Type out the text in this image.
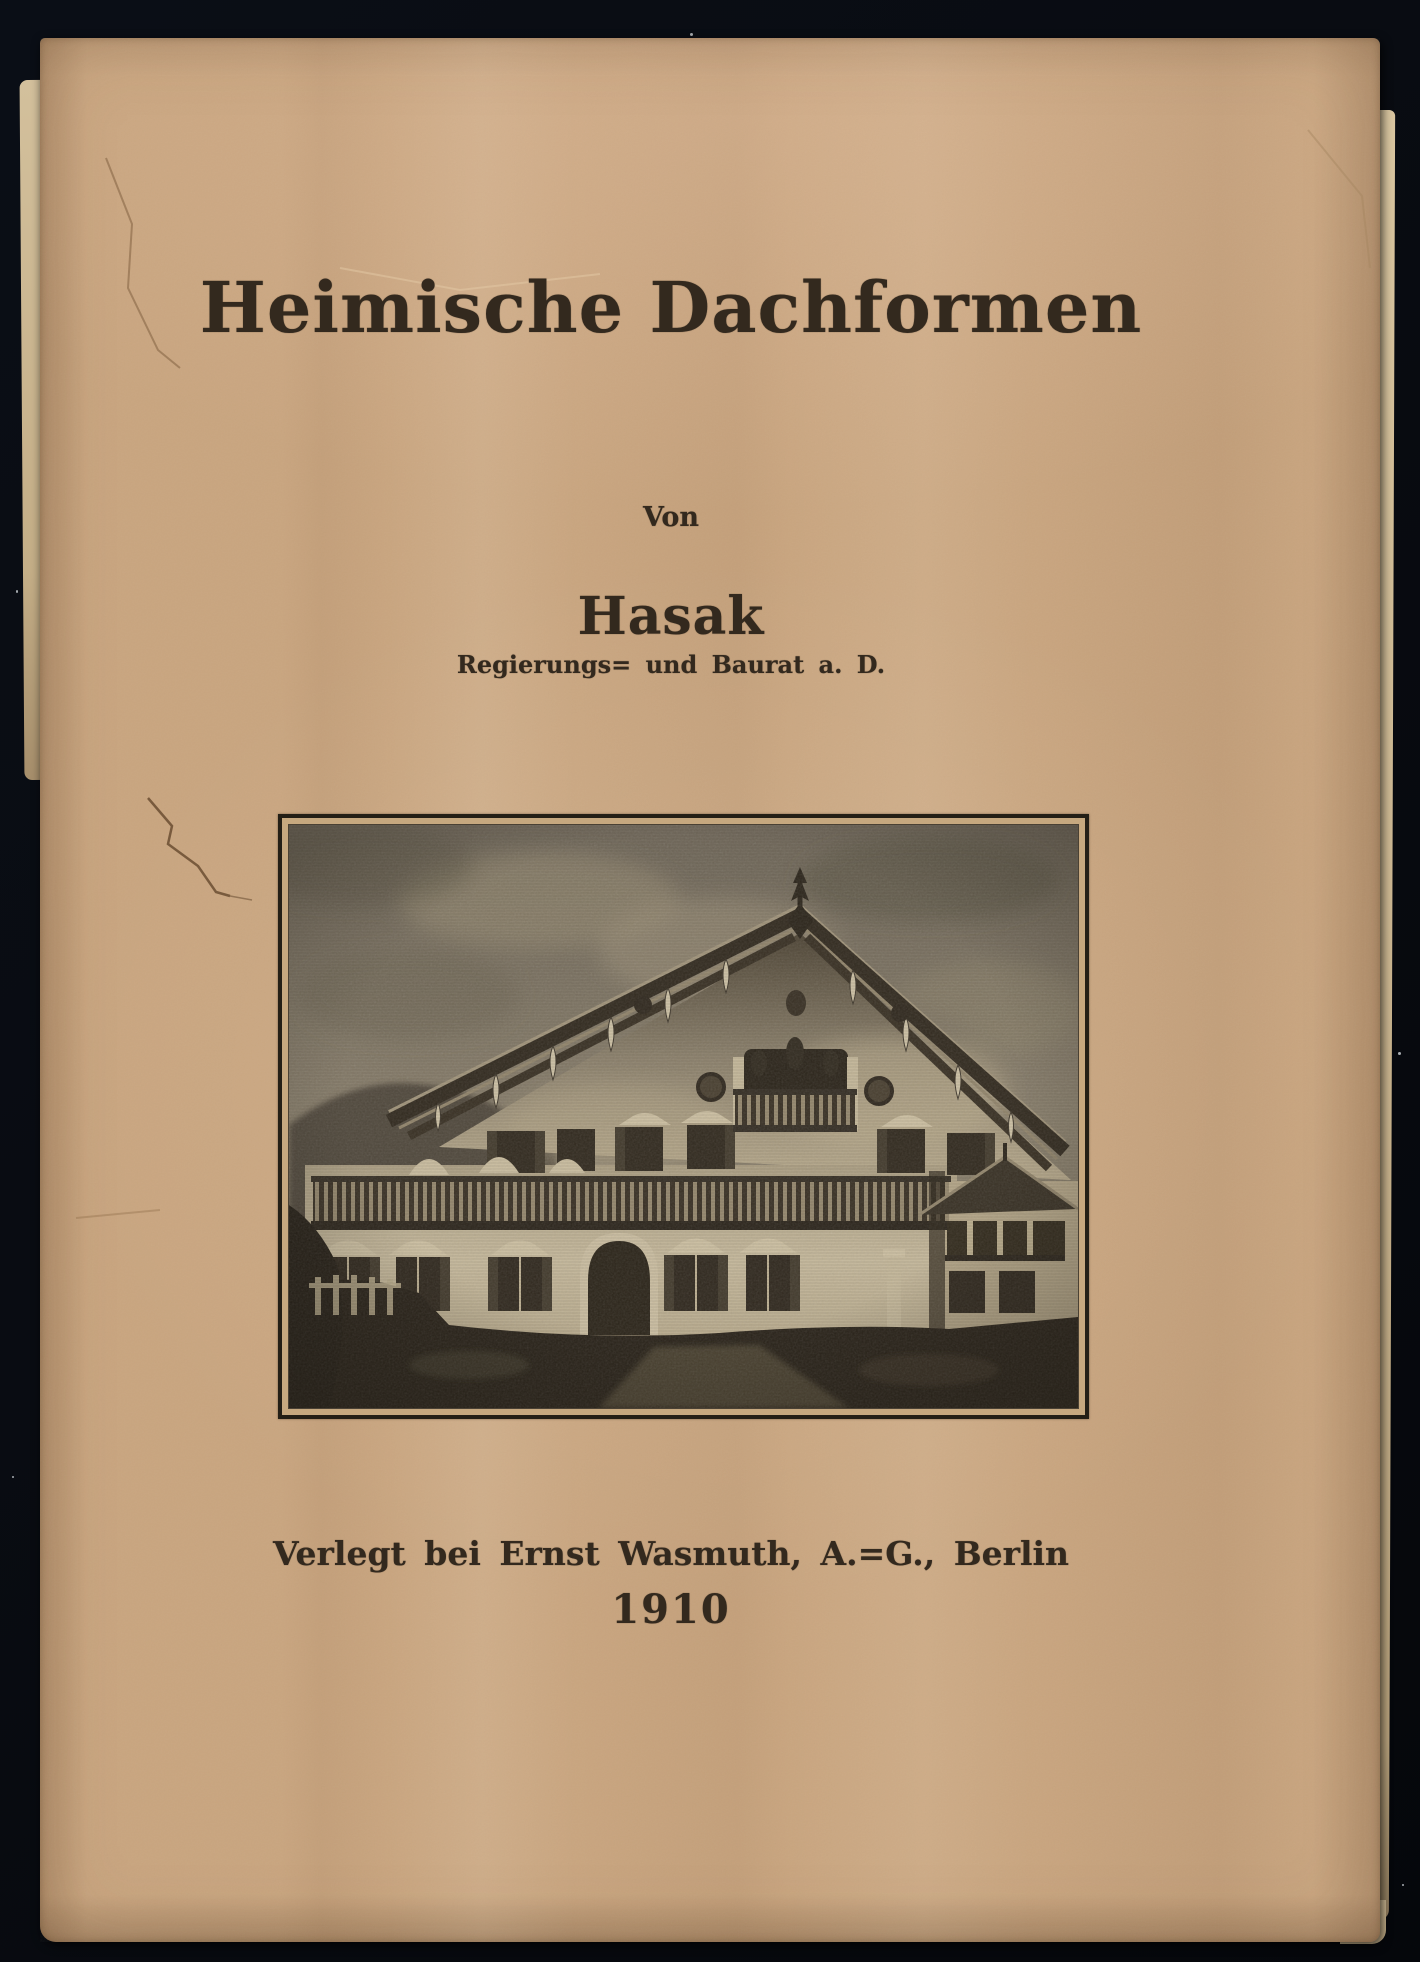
Heimische Dachformen
Von
Hasak
Regierungs= und Baurat a. D.
Verlegt bei Ernst Wasmuth, A.=G., Berlin
1910
